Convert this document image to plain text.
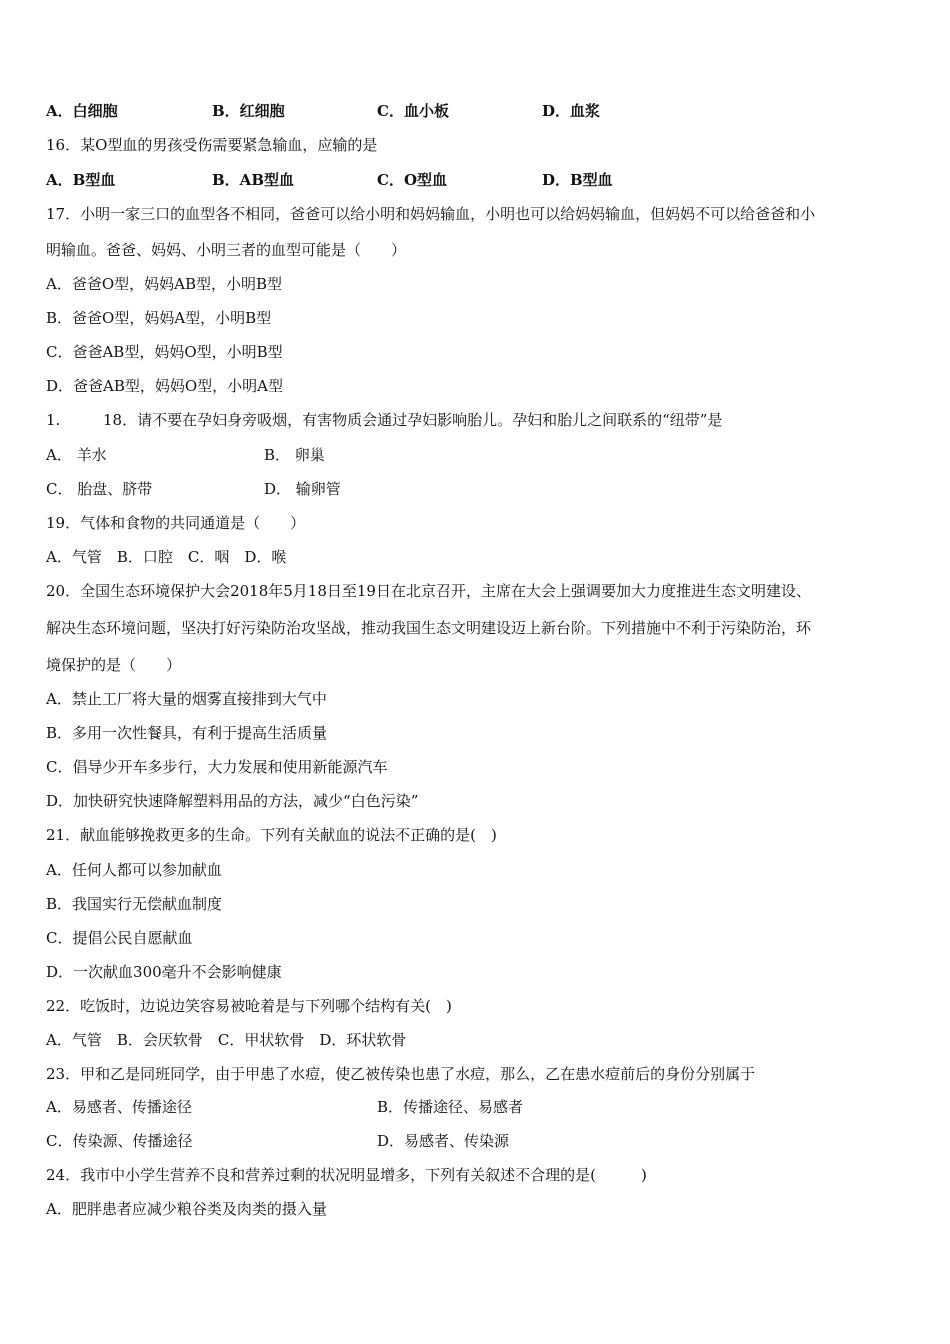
A．白细胞	B．红细胞	C．血小板	D．血浆
16．某O型血的男孩受伤需要紧急输血，应输的是
A．B型血	B．AB型血	C．O型血	D．B型血
17．小明一家三口的血型各不相同，爸爸可以给小明和妈妈输血，小明也可以给妈妈输血，但妈妈不可以给爸爸和小
明输血。爸爸、妈妈、小明三者的血型可能是（　　）
A．爸爸O型，妈妈AB型，小明B型
B．爸爸O型，妈妈A型，小明B型
C．爸爸AB型，妈妈O型，小明B型
D．爸爸AB型，妈妈O型，小明A型
1.	18．请不要在孕妇身旁吸烟，有害物质会通过孕妇影响胎儿。孕妇和胎儿之间联系的“纽带”是
A． 羊水	B． 卵巢
C． 胎盘、脐带	D． 输卵管
19．气体和食物的共同通道是（　　）
A．气管　B．口腔　C．咽　D．喉
20．全国生态环境保护大会2018年5月18日至19日在北京召开，主席在大会上强调要加大力度推进生态文明建设、
解决生态环境问题，坚决打好污染防治攻坚战，推动我国生态文明建设迈上新台阶。下列措施中不利于污染防治，环
境保护的是（　　）
A．禁止工厂将大量的烟雾直接排到大气中
B．多用一次性餐具，有利于提高生活质量
C．倡导少开车多步行，大力发展和使用新能源汽车
D．加快研究快速降解塑料用品的方法，减少“白色污染”
21．献血能够挽救更多的生命。下列有关献血的说法不正确的是(　)
A．任何人都可以参加献血
B．我国实行无偿献血制度
C．提倡公民自愿献血
D．一次献血300毫升不会影响健康
22．吃饭时，边说边笑容易被呛着是与下列哪个结构有关(　)
A．气管　B．会厌软骨　C．甲状软骨　D．环状软骨
23．甲和乙是同班同学，由于甲患了水痘，使乙被传染也患了水痘，那么，乙在患水痘前后的身份分别属于
A．易感者、传播途径	B．传播途径、易感者
C．传染源、传播途径	D．易感者、传染源
24．我市中小学生营养不良和营养过剩的状况明显增多，下列有关叙述不合理的是(　　　)
A．肥胖患者应减少粮谷类及肉类的摄入量
